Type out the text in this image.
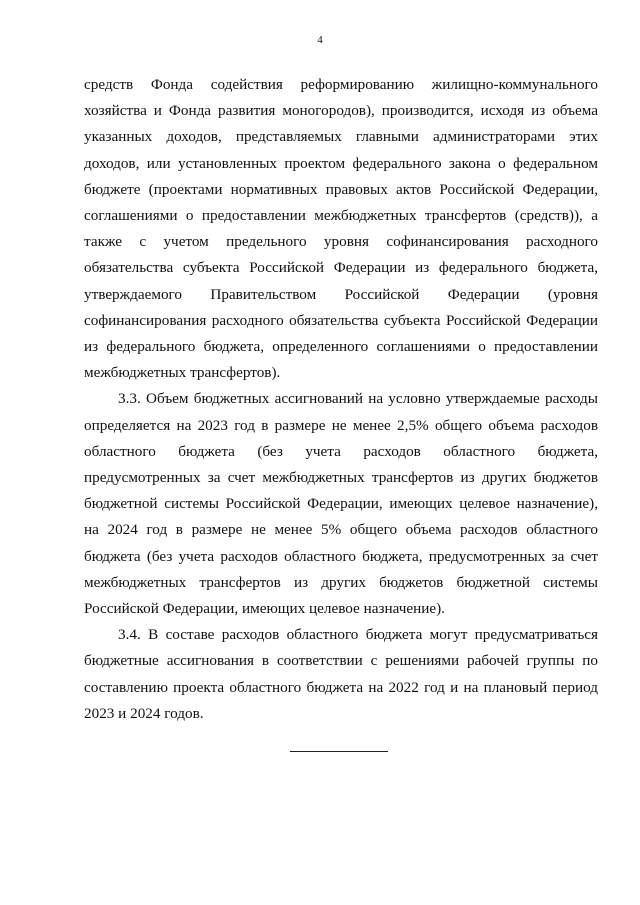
4

средств Фонда содействия реформированию жилищно-коммунального хозяйства и Фонда развития моногородов), производится, исходя из объема указанных доходов, представляемых главными администраторами этих доходов, или установленных проектом федерального закона о федеральном бюджете (проектами нормативных правовых актов Российской Федерации, соглашениями о предоставлении межбюджетных трансфертов (средств)), а также с учетом предельного уровня софинансирования расходного обязательства субъекта Российской Федерации из федерального бюджета, утверждаемого Правительством Российской Федерации (уровня софинансирования расходного обязательства субъекта Российской Федерации из федерального бюджета, определенного соглашениями о предоставлении межбюджетных трансфертов).

3.3. Объем бюджетных ассигнований на условно утверждаемые расходы определяется на 2023 год в размере не менее 2,5% общего объема расходов областного бюджета (без учета расходов областного бюджета, предусмотренных за счет межбюджетных трансфертов из других бюджетов бюджетной системы Российской Федерации, имеющих целевое назначение), на 2024 год в размере не менее 5% общего объема расходов областного бюджета (без учета расходов областного бюджета, предусмотренных за счет межбюджетных трансфертов из других бюджетов бюджетной системы Российской Федерации, имеющих целевое назначение).

3.4. В составе расходов областного бюджета могут предусматриваться бюджетные ассигнования в соответствии с решениями рабочей группы по составлению проекта областного бюджета на 2022 год и на плановый период 2023 и 2024 годов.
